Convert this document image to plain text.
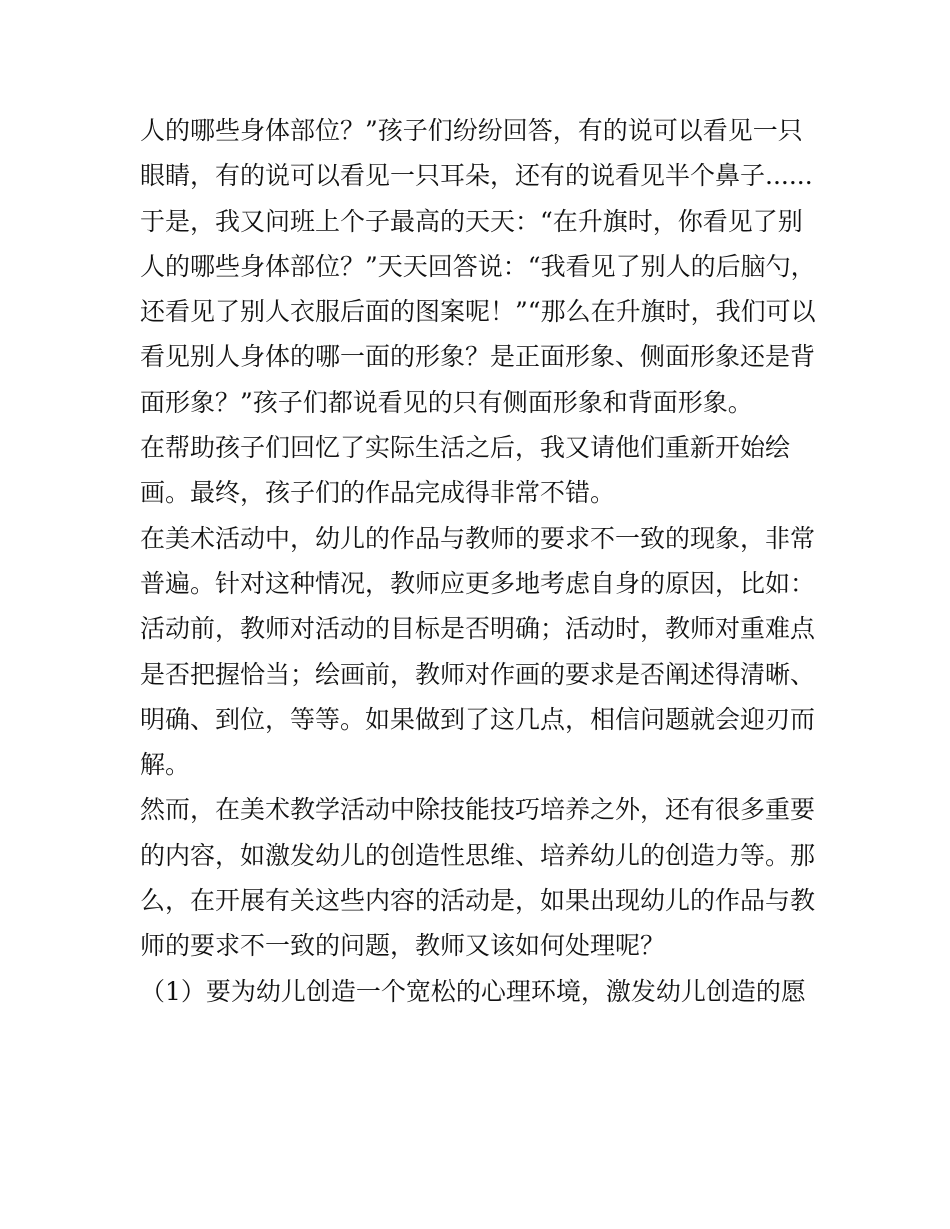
人的哪些身体部位？”孩子们纷纷回答，有的说可以看见一只
眼睛，有的说可以看见一只耳朵，还有的说看见半个鼻子......
于是，我又问班上个子最高的天天：“在升旗时，你看见了别
人的哪些身体部位？”天天回答说：“我看见了别人的后脑勺，
还看见了别人衣服后面的图案呢！”“那么在升旗时，我们可以
看见别人身体的哪一面的形象？是正面形象、侧面形象还是背
面形象？”孩子们都说看见的只有侧面形象和背面形象。
在帮助孩子们回忆了实际生活之后，我又请他们重新开始绘
画。最终，孩子们的作品完成得非常不错。
在美术活动中，幼儿的作品与教师的要求不一致的现象，非常
普遍。针对这种情况，教师应更多地考虑自身的原因，比如：
活动前，教师对活动的目标是否明确；活动时，教师对重难点
是否把握恰当；绘画前，教师对作画的要求是否阐述得清晰、
明确、到位，等等。如果做到了这几点，相信问题就会迎刃而
解。
然而，在美术教学活动中除技能技巧培养之外，还有很多重要
的内容，如激发幼儿的创造性思维、培养幼儿的创造力等。那
么，在开展有关这些内容的活动是，如果出现幼儿的作品与教
师的要求不一致的问题，教师又该如何处理呢？
（1）要为幼儿创造一个宽松的心理环境，激发幼儿创造的愿
